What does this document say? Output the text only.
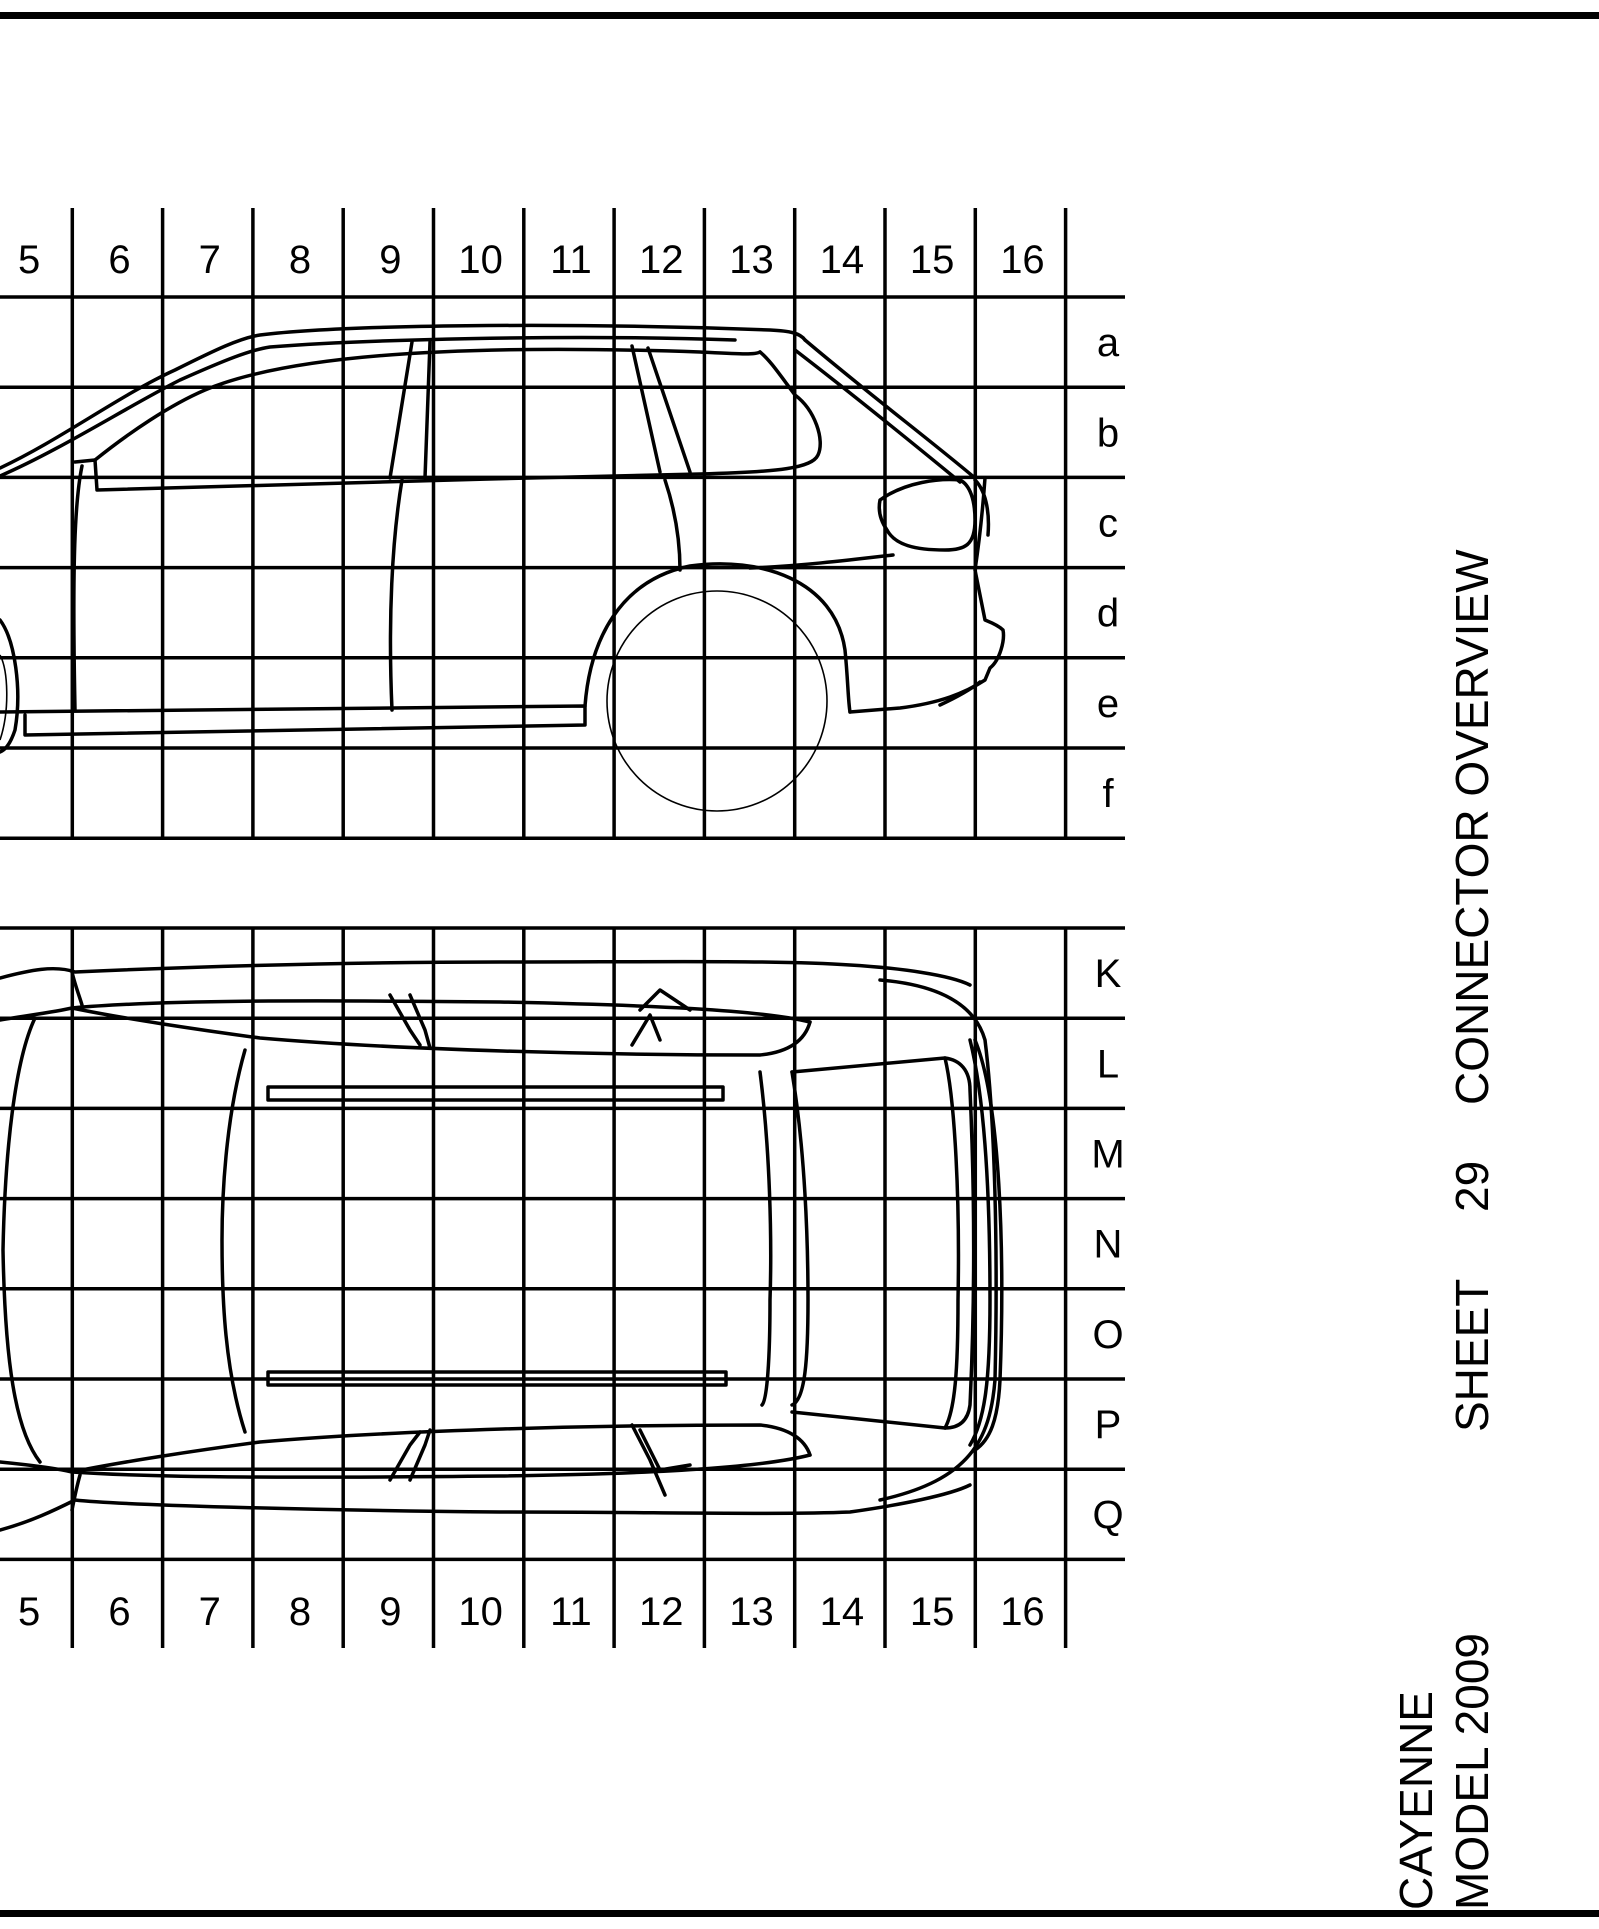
5 6 7 8 9 10 11 12 13 14 15 16
5 6 7 8 9 10 11 12 13 14 15 16
a
b
c
d
e
f
K
L
M
N
O
P
Q
SHEET
29
CONNECTOR OVERVIEW
CAYENNE MODEL 2009
